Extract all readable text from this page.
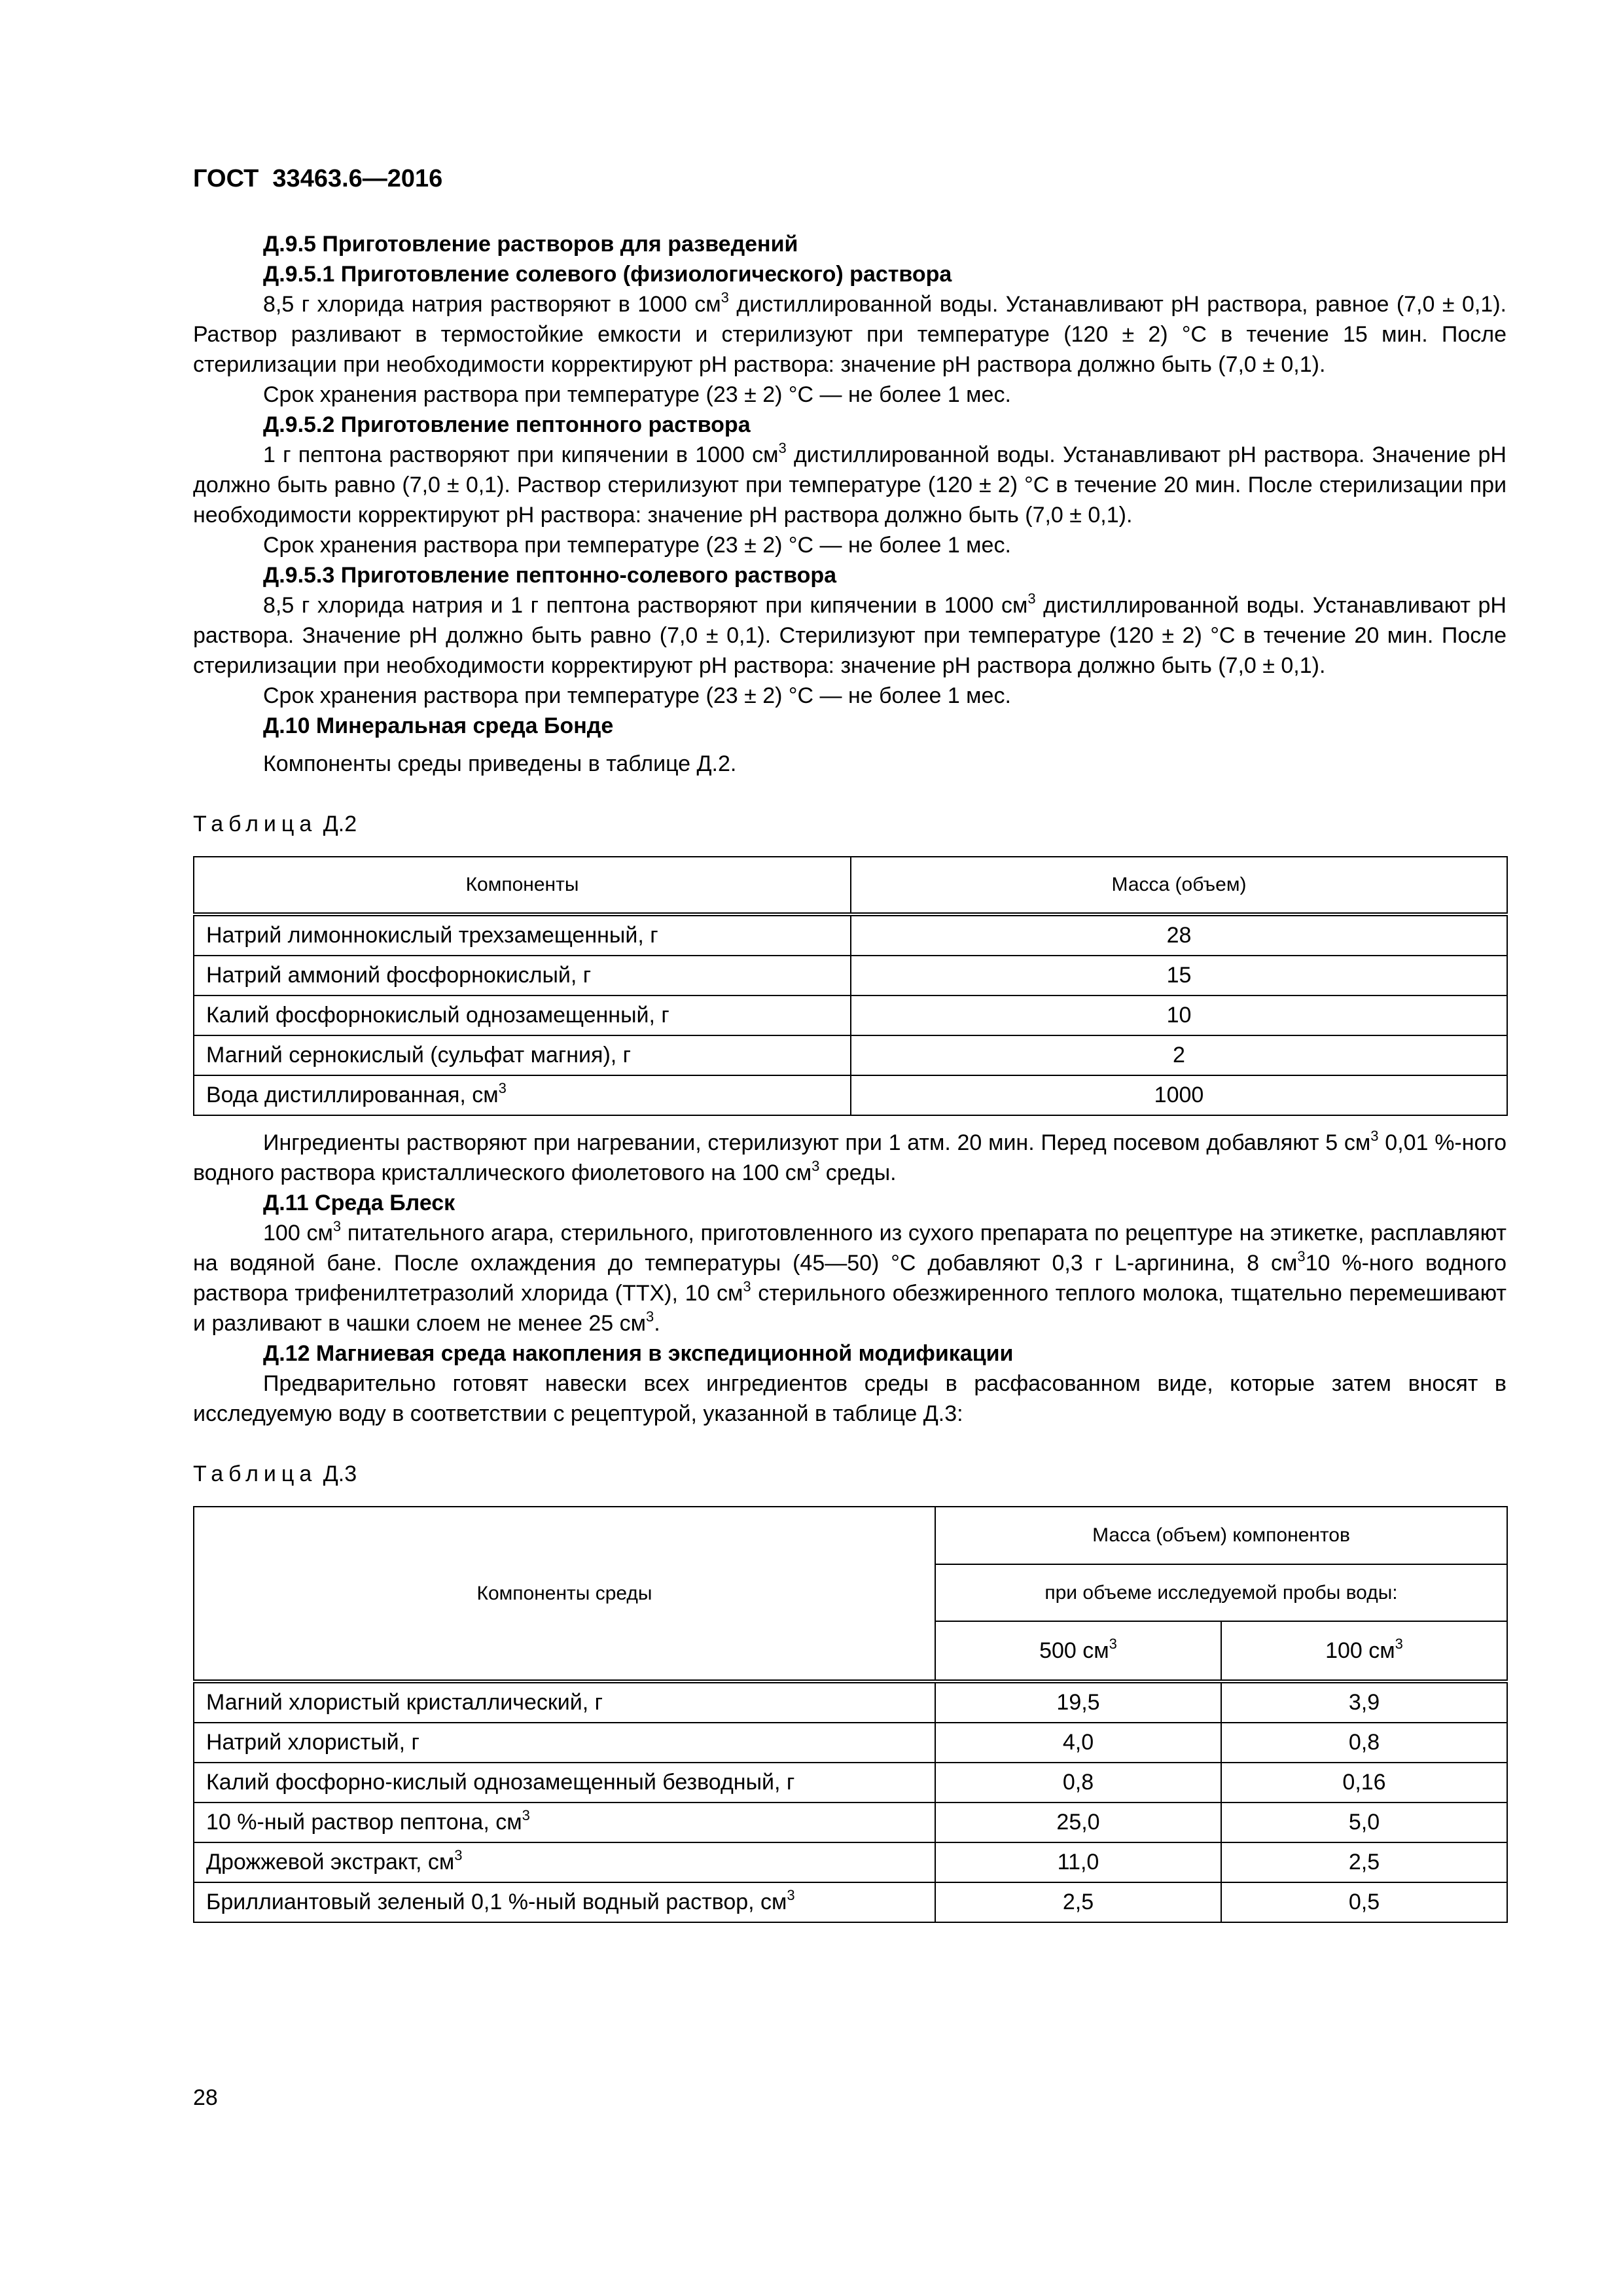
ГОСТ  33463.6—2016

Д.9.5 Приготовление растворов для разведений

Д.9.5.1 Приготовление солевого (физиологического) раствора

8,5 г хлорида натрия растворяют в 1000 $см^3$ дистиллированной воды. Устанавливают pH раствора, равное (7,0 ± 0,1). Раствор разливают в термостойкие емкости и стерилизуют при температуре (120 ± 2) °С в течение 15 мин. После стерилизации при необходимости корректируют pH раствора: значение pH раствора должно быть (7,0 ± 0,1).

Срок хранения раствора при температуре (23 ± 2) °С — не более 1 мес.

Д.9.5.2 Приготовление пептонного раствора

1 г пептона растворяют при кипячении в 1000 $см^3$ дистиллированной воды. Устанавливают pH раствора. Значение pH должно быть равно (7,0 ± 0,1). Раствор стерилизуют при температуре (120 ± 2) °С в течение 20 мин. После стерилизации при необходимости корректируют pH раствора: значение pH раствора должно быть (7,0 ± 0,1).

Срок хранения раствора при температуре (23 ± 2) °С — не более 1 мес.

Д.9.5.3 Приготовление пептонно-солевого раствора

8,5 г хлорида натрия и 1 г пептона растворяют при кипячении в 1000 $см^3$ дистиллированной воды. Устанавливают pH раствора. Значение pH должно быть равно (7,0 ± 0,1). Стерилизуют при температуре (120 ± 2) °С в течение 20 мин. После стерилизации при необходимости корректируют pH раствора: значение pH раствора должно быть (7,0 ± 0,1).

Срок хранения раствора при температуре (23 ± 2) °С — не более 1 мес.

Д.10 Минеральная среда Бонде

Компоненты среды приведены в таблице Д.2.

Таблица Д.2

Компоненты	Масса (объем)
Натрий лимоннокислый трехзамещенный, г	28
Натрий аммоний фосфорнокислый, г	15
Калий фосфорнокислый однозамещенный, г	10
Магний сернокислый (сульфат магния), г	2
Вода дистиллированная, $см^3$	1000

Ингредиенты растворяют при нагревании, стерилизуют при 1 атм. 20 мин. Перед посевом добавляют 5 $см^3$ 0,01 %-ного водного раствора кристаллического фиолетового на 100 $см^3$ среды.

Д.11 Среда Блеск

100 $см^3$ питательного агара, стерильного, приготовленного из сухого препарата по рецептуре на этикетке, расплавляют на водяной бане. После охлаждения до температуры (45—50) °С добавляют 0,3 г L-аргинина, 8 $см^310$ %-ного водного раствора трифенилтетразолий хлорида (ТТХ), 10 $см^3$ стерильного обезжиренного теплого молока, тщательно перемешивают и разливают в чашки слоем не менее 25 $см^3$.

Д.12 Магниевая среда накопления в экспедиционной модификации

Предварительно готовят навески всех ингредиентов среды в расфасованном виде, которые затем вносят в исследуемую воду в соответствии с рецептурой, указанной в таблице Д.3:

Таблица Д.3

Компоненты среды	Масса (объем) компонентов	
	при объеме исследуемой пробы воды:	
	500 $см^3$	100 $см^3$
Магний хлористый кристаллический, г	19,5	3,9
Натрий хлористый, г	4,0	0,8
Калий фосфорно-кислый однозамещенный безводный, г	0,8	0,16
10 %-ный раствор пептона, $см^3$	25,0	5,0
Дрожжевой экстракт, $см^3$	11,0	2,5
Бриллиантовый зеленый 0,1 %-ный водный раствор, $см^3$	2,5	0,5
28
